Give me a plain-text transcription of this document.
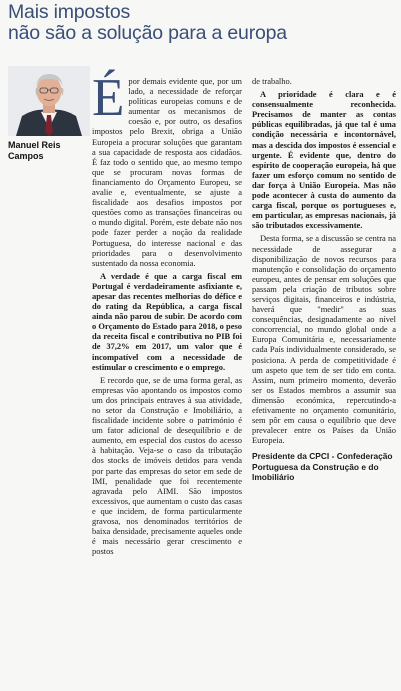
Mais impostos
não são a solução para a europa
Manuel Reis
Campos

Épor demais evidente que, por um lado, a necessidade de reforçar políticas europeias comuns e de aumentar os mecanismos de coesão e, por outro, os desafios impostos pelo Brexit, obriga a União Europeia a procurar soluções que garantam a sua capacidade de resposta aos cidadãos. É faz todo o sentido que, ao mesmo tempo que se procuram novas formas de financiamento do Orçamento Europeu, se avalie e, eventualmente, se ajuste a fiscalidade aos desafios impostos por questões como as transações financeiras ou o mundo digital. Porém, este debate não nos pode fazer perder a noção da realidade Portuguesa, do interesse nacional e das prioridades para o desenvolvimento sustentado da nossa economia.

A verdade é que a carga fiscal em Portugal é verdadeiramente asfixiante e, apesar das recentes melhorias do défice e do rating da República, a carga fiscal ainda não parou de subir. De acordo com o Orçamento do Estado para 2018, o peso da receita fiscal e contributiva no PIB foi de 37,2% em 2017, um valor que é incompatível com a necessidade de estimular o crescimento e o emprego.

E recordo que, se de uma forma geral, as empresas vão apontando os impostos como um dos principais entraves à sua atividade, no setor da Construção e Imobiliário, a fiscalidade incidente sobre o património é um fator adicional de desequilíbrio e de aumento, em especial dos custos do acesso à habitação. Veja-se o caso da tributação dos stocks de imóveis detidos para venda por parte das empresas do setor em sede de IMI, penalidade que foi recentemente agravada pelo AIMI. São impostos excessivos, que aumentam o custo das casas e que incidem, de forma particularmente gravosa, nos denominados territórios de baixa densidade, precisamente aqueles onde é mais necessário gerar crescimento e postos

de trabalho.

A prioridade é clara e é consensualmente reconhecida. Precisamos de manter as contas públicas equilibradas, já que tal é uma condição necessária e incontornável, mas a descida dos impostos é essencial e urgente. É evidente que, dentro do espírito de cooperação europeia, há que fazer um esforço comum no sentido de dar força à União Europeia. Mas não pode acontecer à custa do aumento da carga fiscal, porque os portugueses e, em particular, as empresas nacionais, já são tributados excessivamente.

Desta forma, se a discussão se centra na necessidade de assegurar a disponibilização de novos recursos para manutenção e consolidação do orçamento europeu, antes de pensar em soluções que passam pela criação de tributos sobre serviços digitais, financeiros e indústria, haverá que "medir" as suas consequências, designadamente ao nível concorrencial, no mundo global onde a Europa Comunitária e, necessariamente cada País individualmente considerado, se posiciona. A perda de competitividade é um aspeto que tem de ser tido em conta. Assim, num primeiro momento, deverão ser os Estados membros a assumir sua dimensão económica, repercutindo-a efetivamente no orçamento comunitário, sem pôr em causa o equilíbrio que deve prevalecer entre os Países da União Europeia.

Presidente da CPCI - Confederação Portuguesa da Construção e do Imobiliário
